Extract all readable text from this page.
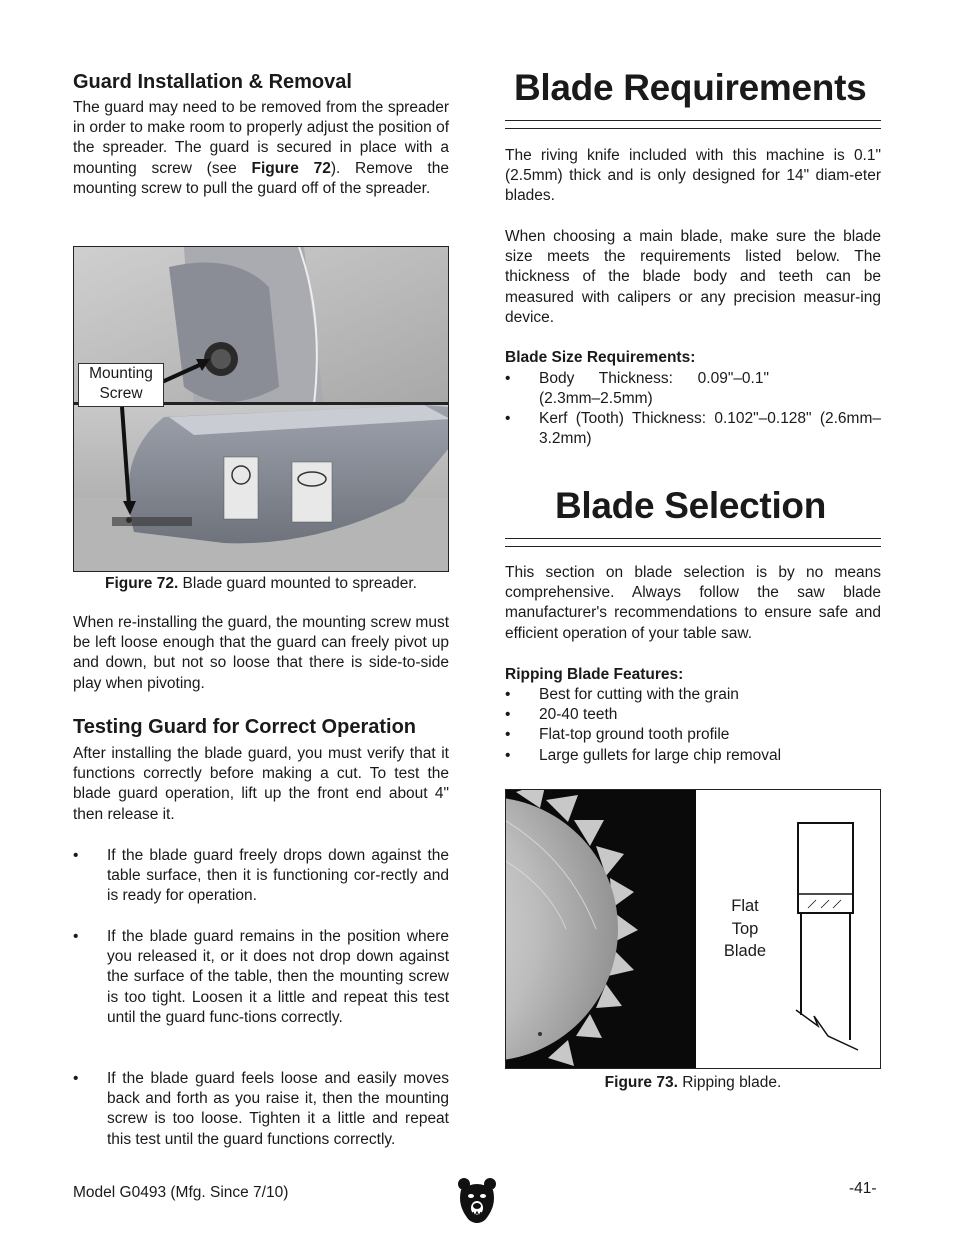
Guard Installation & Removal

The guard may need to be removed from the spreader in order to make room to properly adjust the position of the spreader. The guard is secured in place with a mounting screw (see Figure 72). Remove the mounting screw to pull the guard off of the spreader.

Mounting Screw
Figure 72. Blade guard mounted to spreader.

When re-installing the guard, the mounting screw must be left loose enough that the guard can freely pivot up and down, but not so loose that there is side-to-side play when pivoting.

Testing Guard for Correct Operation

After installing the blade guard, you must verify that it functions correctly before making a cut. To test the blade guard operation, lift up the front end about 4" then release it.

•	If the blade guard freely drops down against the table surface, then it is functioning cor-rectly and is ready for operation.
•	If the blade guard remains in the position where you released it, or it does not drop down against the surface of the table, then the mounting screw is too tight. Loosen it a little and repeat this test until the guard func-tions correctly.
•	If the blade guard feels loose and easily moves back and forth as you raise it, then the mounting screw is too loose. Tighten it a little and repeat this test until the guard functions correctly.
Blade Requirements

The riving knife included with this machine is 0.1" (2.5mm) thick and is only designed for 14" diam-eter blades.

When choosing a main blade, make sure the blade size meets the requirements listed below. The thickness of the blade body and teeth can be measured with calipers or any precision measur-ing device.

Blade Size Requirements:
•	Body Thickness: 0.09"–0.1" (2.3mm–2.5mm)
•	Kerf (Tooth) Thickness: 0.102"–0.128" (2.6mm–3.2mm)
Blade Selection

This section on blade selection is by no means comprehensive. Always follow the saw blade manufacturer's recommendations to ensure safe and efficient operation of your table saw.

Ripping Blade Features:
•	Best for cutting with the grain
•	20-40 teeth
•	Flat-top ground tooth profile
•	Large gullets for large chip removal
Flat
Top
Blade
Figure 73. Ripping blade.
Model G0493 (Mfg. Since 7/10)	-41-
